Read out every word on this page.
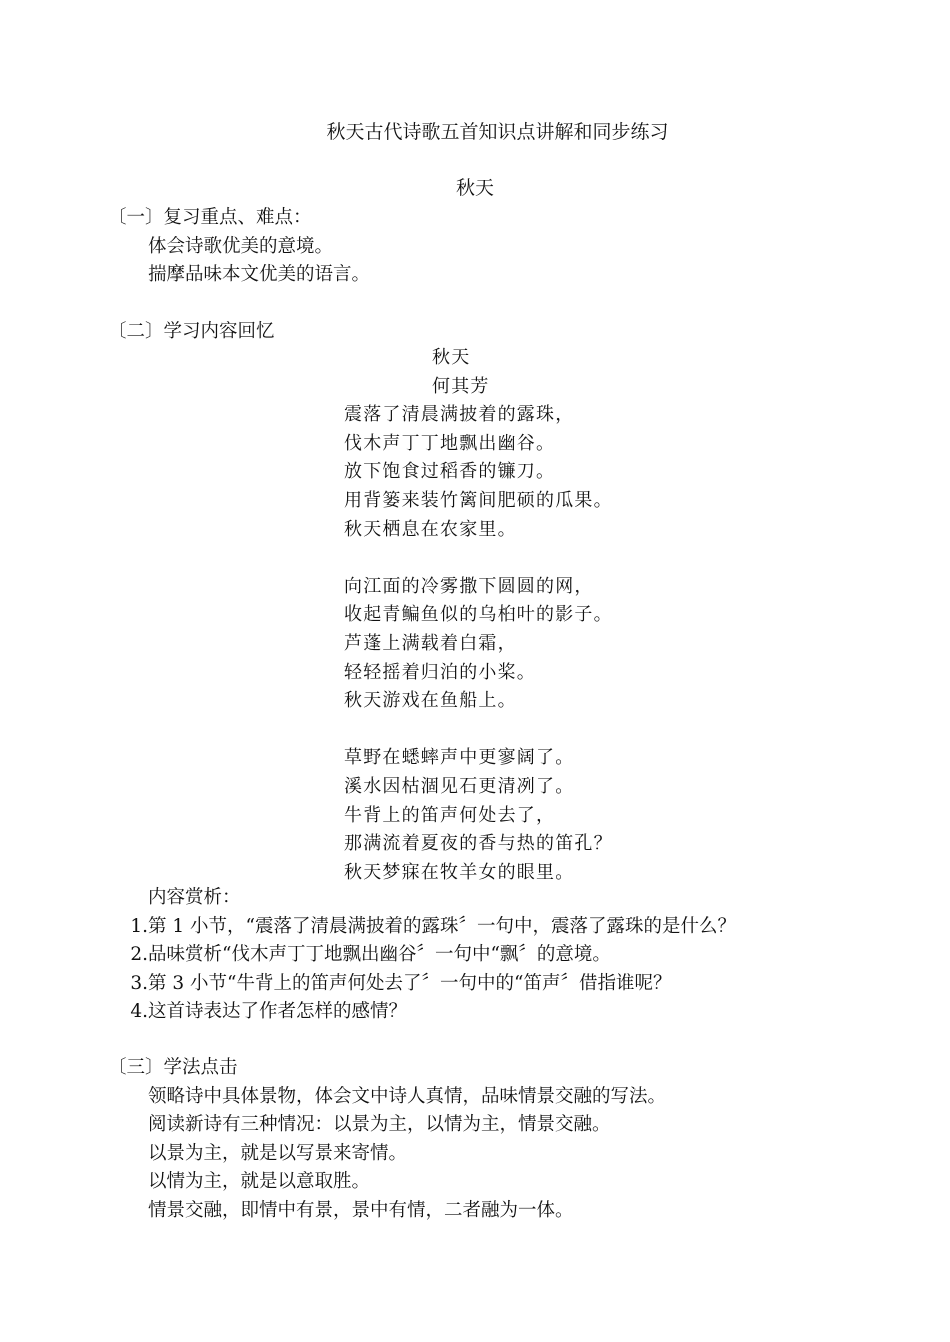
秋天古代诗歌五首知识点讲解和同步练习
秋天
〔一〕复习重点、难点：
体会诗歌优美的意境。
揣摩品味本文优美的语言。
〔二〕学习内容回忆
秋天
何其芳
震落了清晨满披着的露珠，
伐木声丁丁地飘出幽谷。
放下饱食过稻香的镰刀。
用背篓来装竹篱间肥硕的瓜果。
秋天栖息在农家里。
向江面的冷雾撒下圆圆的网，
收起青鳊鱼似的乌桕叶的影子。
芦蓬上满载着白霜，
轻轻摇着归泊的小桨。
秋天游戏在鱼船上。
草野在蟋蟀声中更寥阔了。
溪水因枯涸见石更清冽了。
牛背上的笛声何处去了，
那满流着夏夜的香与热的笛孔？
秋天梦寐在牧羊女的眼里。
内容赏析：
1. 第 1 小节，“震落了清晨满披着的露珠〞一句中，震落了露珠的是什么？
2. 品味赏析“伐木声丁丁地飘出幽谷〞一句中“飘〞的意境。
3. 第 3 小节“牛背上的笛声何处去了〞一句中的“笛声〞借指谁呢？
4. 这首诗表达了作者怎样的感情？
〔三〕学法点击
领略诗中具体景物，体会文中诗人真情，品味情景交融的写法。
阅读新诗有三种情况：以景为主，以情为主，情景交融。
以景为主，就是以写景来寄情。
以情为主，就是以意取胜。
情景交融，即情中有景，景中有情，二者融为一体。
